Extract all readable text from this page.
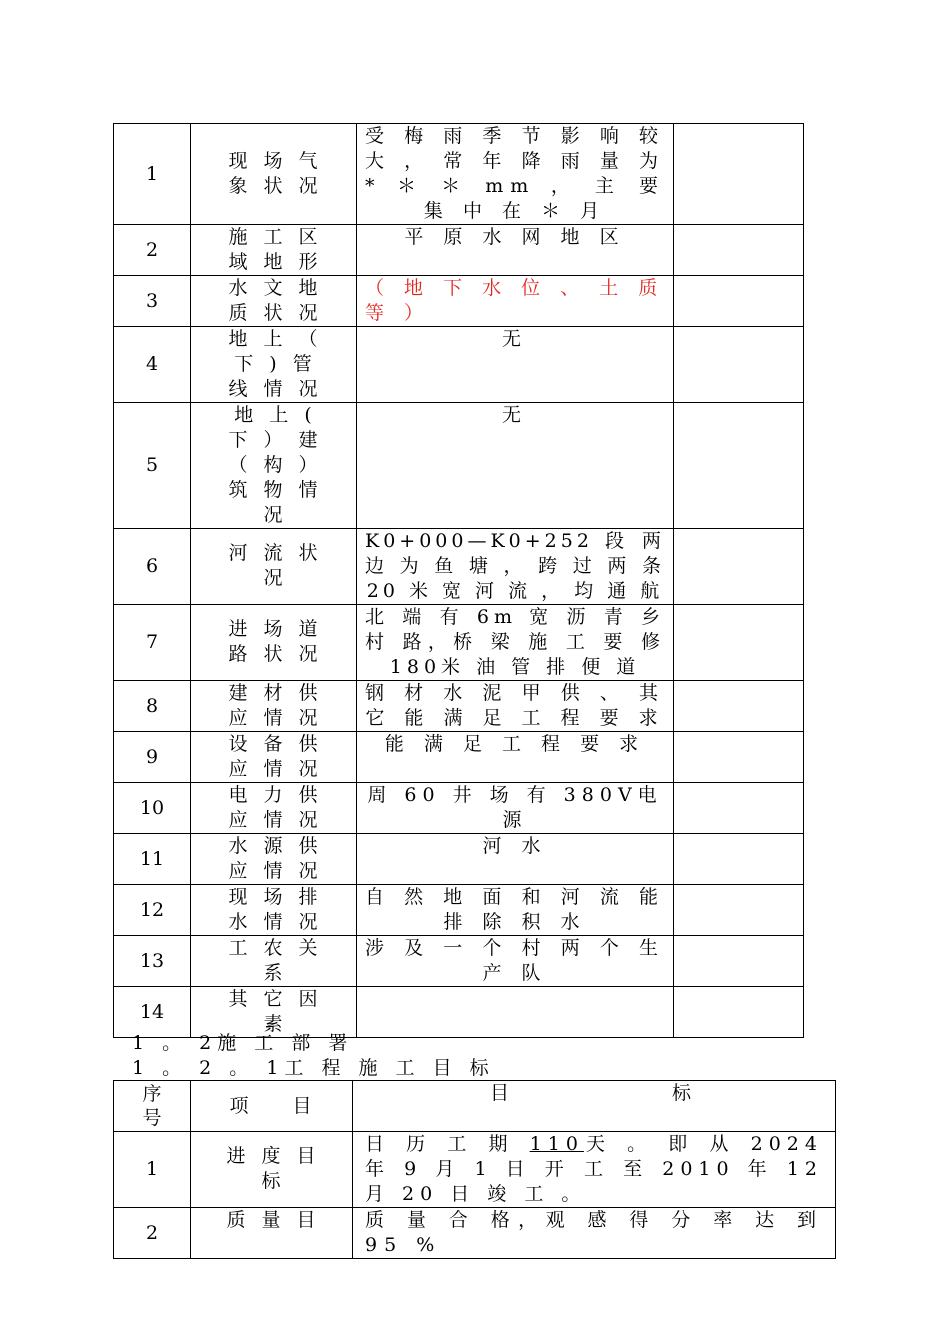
1	现 场 气 象 状 况	受 梅 雨 季 节 影 响 较 大 ， 常 年 降 雨 量 为 * ＊ ＊ mm ， 主 要 集 中 在 ＊ 月	
2	施 工 区 域 地 形	平 原 水 网 地 区	
3	水 文 地 质 状 况	（ 地 下 水 位 、 土 质 等 ）	
4	地 上 （ 下 ) 管 线 情 况	无	
5	地 上 ( 下 ） 建 （ 构 ） 筑 物 情 况	无	
6	河 流 状 况	K0+000—K0+252 段 两 边 为 鱼 塘 ， 跨 过 两 条 20 米 宽 河 流 ， 均 通 航	
7	进 场 道 路 状 况	北 端 有 6m 宽 沥 青 乡 村 路，桥 梁 施 工 要 修 180米 油 管 排 便 道	
8	建 材 供 应 情 况	钢 材 水 泥 甲 供 、 其 它 能 满 足 工 程 要 求	
9	设 备 供 应 情 况	能 满 足 工 程 要 求	
10	电 力 供 应 情 况	周 60 井 场 有 380V电 源	
11	水 源 供 应 情 况	河 水	
12	现 场 排 水 情 况	自 然 地 面 和 河 流 能 排 除 积 水	
13	工 农 关 系	涉 及 一 个 村 两 个 生 产 队	
14	其 它 因 素		

1 。 2施 工 部 署

1 。 2 。 1工 程 施 工 目 标

序 号	项　　目	目　　　　　　标
1	进 度 目 标	日 历 工 期 110天 。 即 从 2024 年 9 月 1 日 开 工 至 2010 年 12 月 20 日 竣 工 。
2	质 量 目	质 量 合 格，观 感 得 分 率 达 到 95 %
